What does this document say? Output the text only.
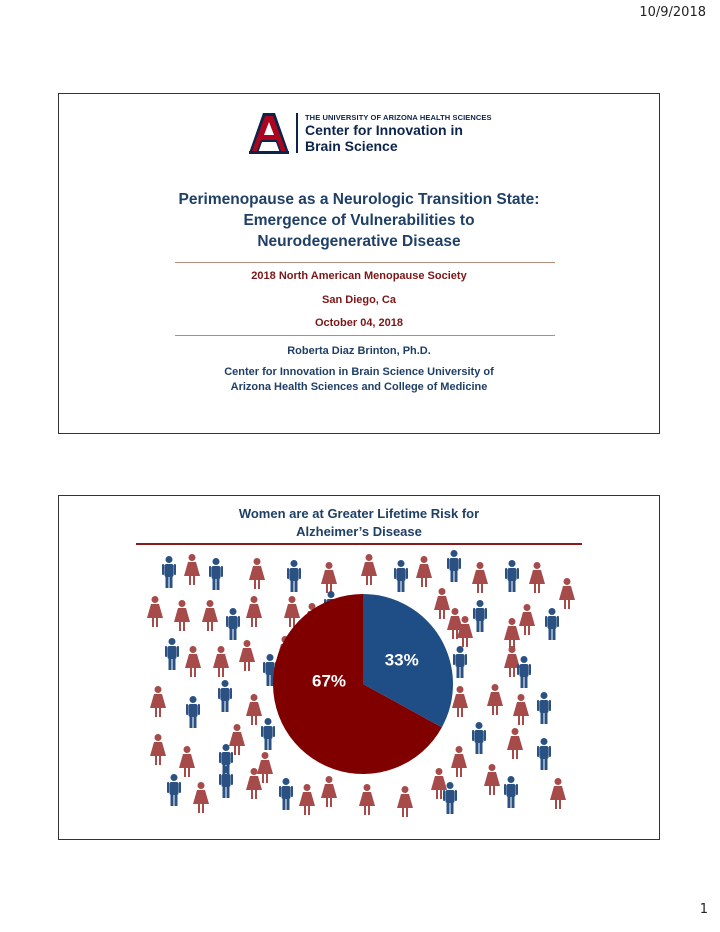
10/9/2018
THE UNIVERSITY OF ARIZONA HEALTH SCIENCES
Center for Innovation in
Brain Science
Perimenopause as a Neurologic Transition State:
Emergence of Vulnerabilities to
Neurodegenerative Disease
2018 North American Menopause Society
San Diego, Ca
October 04, 2018
Roberta Diaz Brinton, Ph.D.
Center for Innovation in Brain Science University of
Arizona Health Sciences and College of Medicine
Women are at Greater Lifetime Risk for
Alzheimer’s Disease
33%
67%
1
